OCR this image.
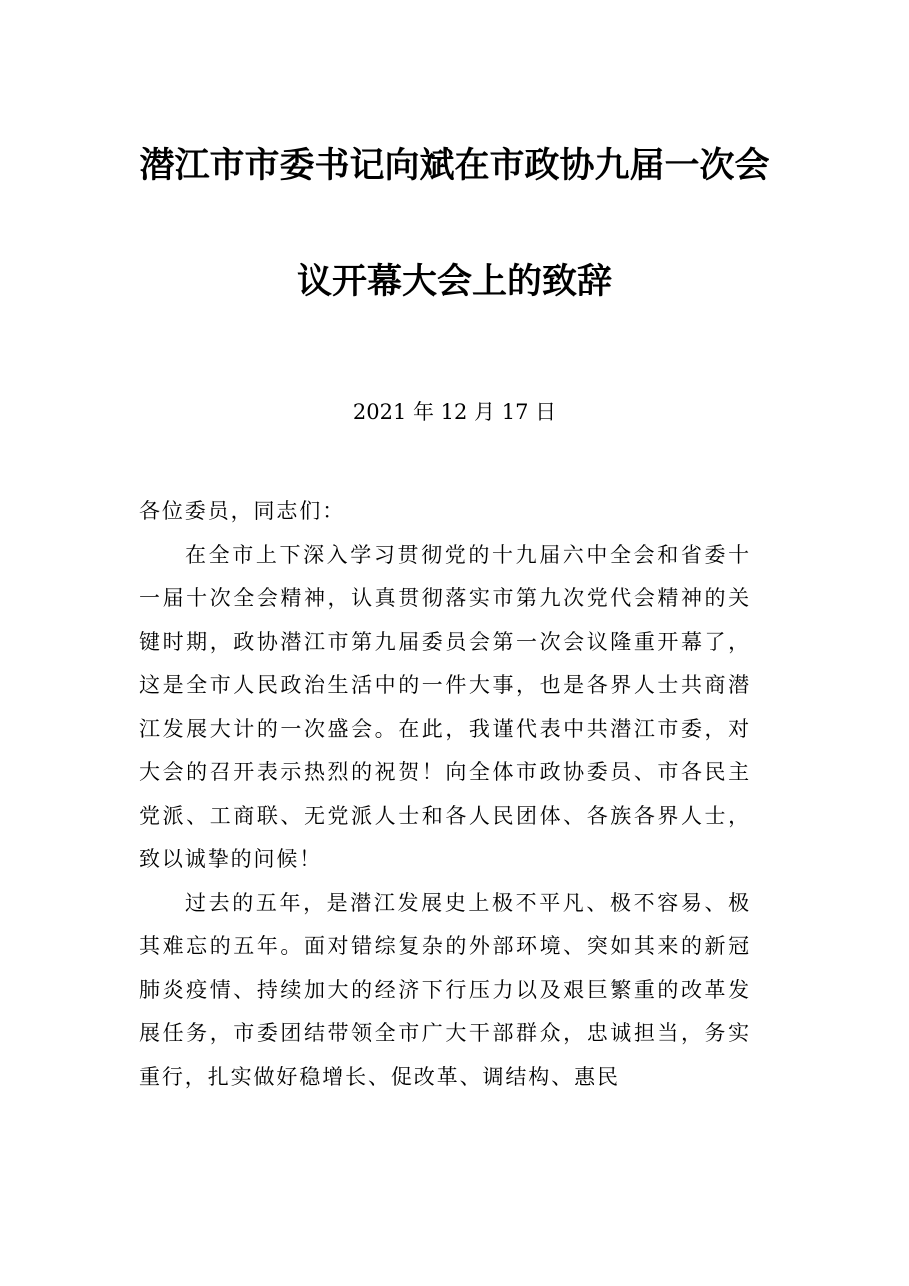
潜江市市委书记向斌在市政协九届一次会
议开幕大会上的致辞
2021 年 12 月 17 日

各位委员，同志们：

在全市上下深入学习贯彻党的十九届六中全会和省委十一届十次全会精神，认真贯彻落实市第九次党代会精神的关键时期，政协潜江市第九届委员会第一次会议隆重开幕了，这是全市人民政治生活中的一件大事，也是各界人士共商潜江发展大计的一次盛会。在此，我谨代表中共潜江市委，对大会的召开表示热烈的祝贺！向全体市政协委员、市各民主党派、工商联、无党派人士和各人民团体、各族各界人士，致以诚挚的问候！

过去的五年，是潜江发展史上极不平凡、极不容易、极其难忘的五年。面对错综复杂的外部环境、突如其来的新冠肺炎疫情、持续加大的经济下行压力以及艰巨繁重的改革发展任务，市委团结带领全市广大干部群众，忠诚担当，务实重行，扎实做好稳增长、促改革、调结构、惠民
